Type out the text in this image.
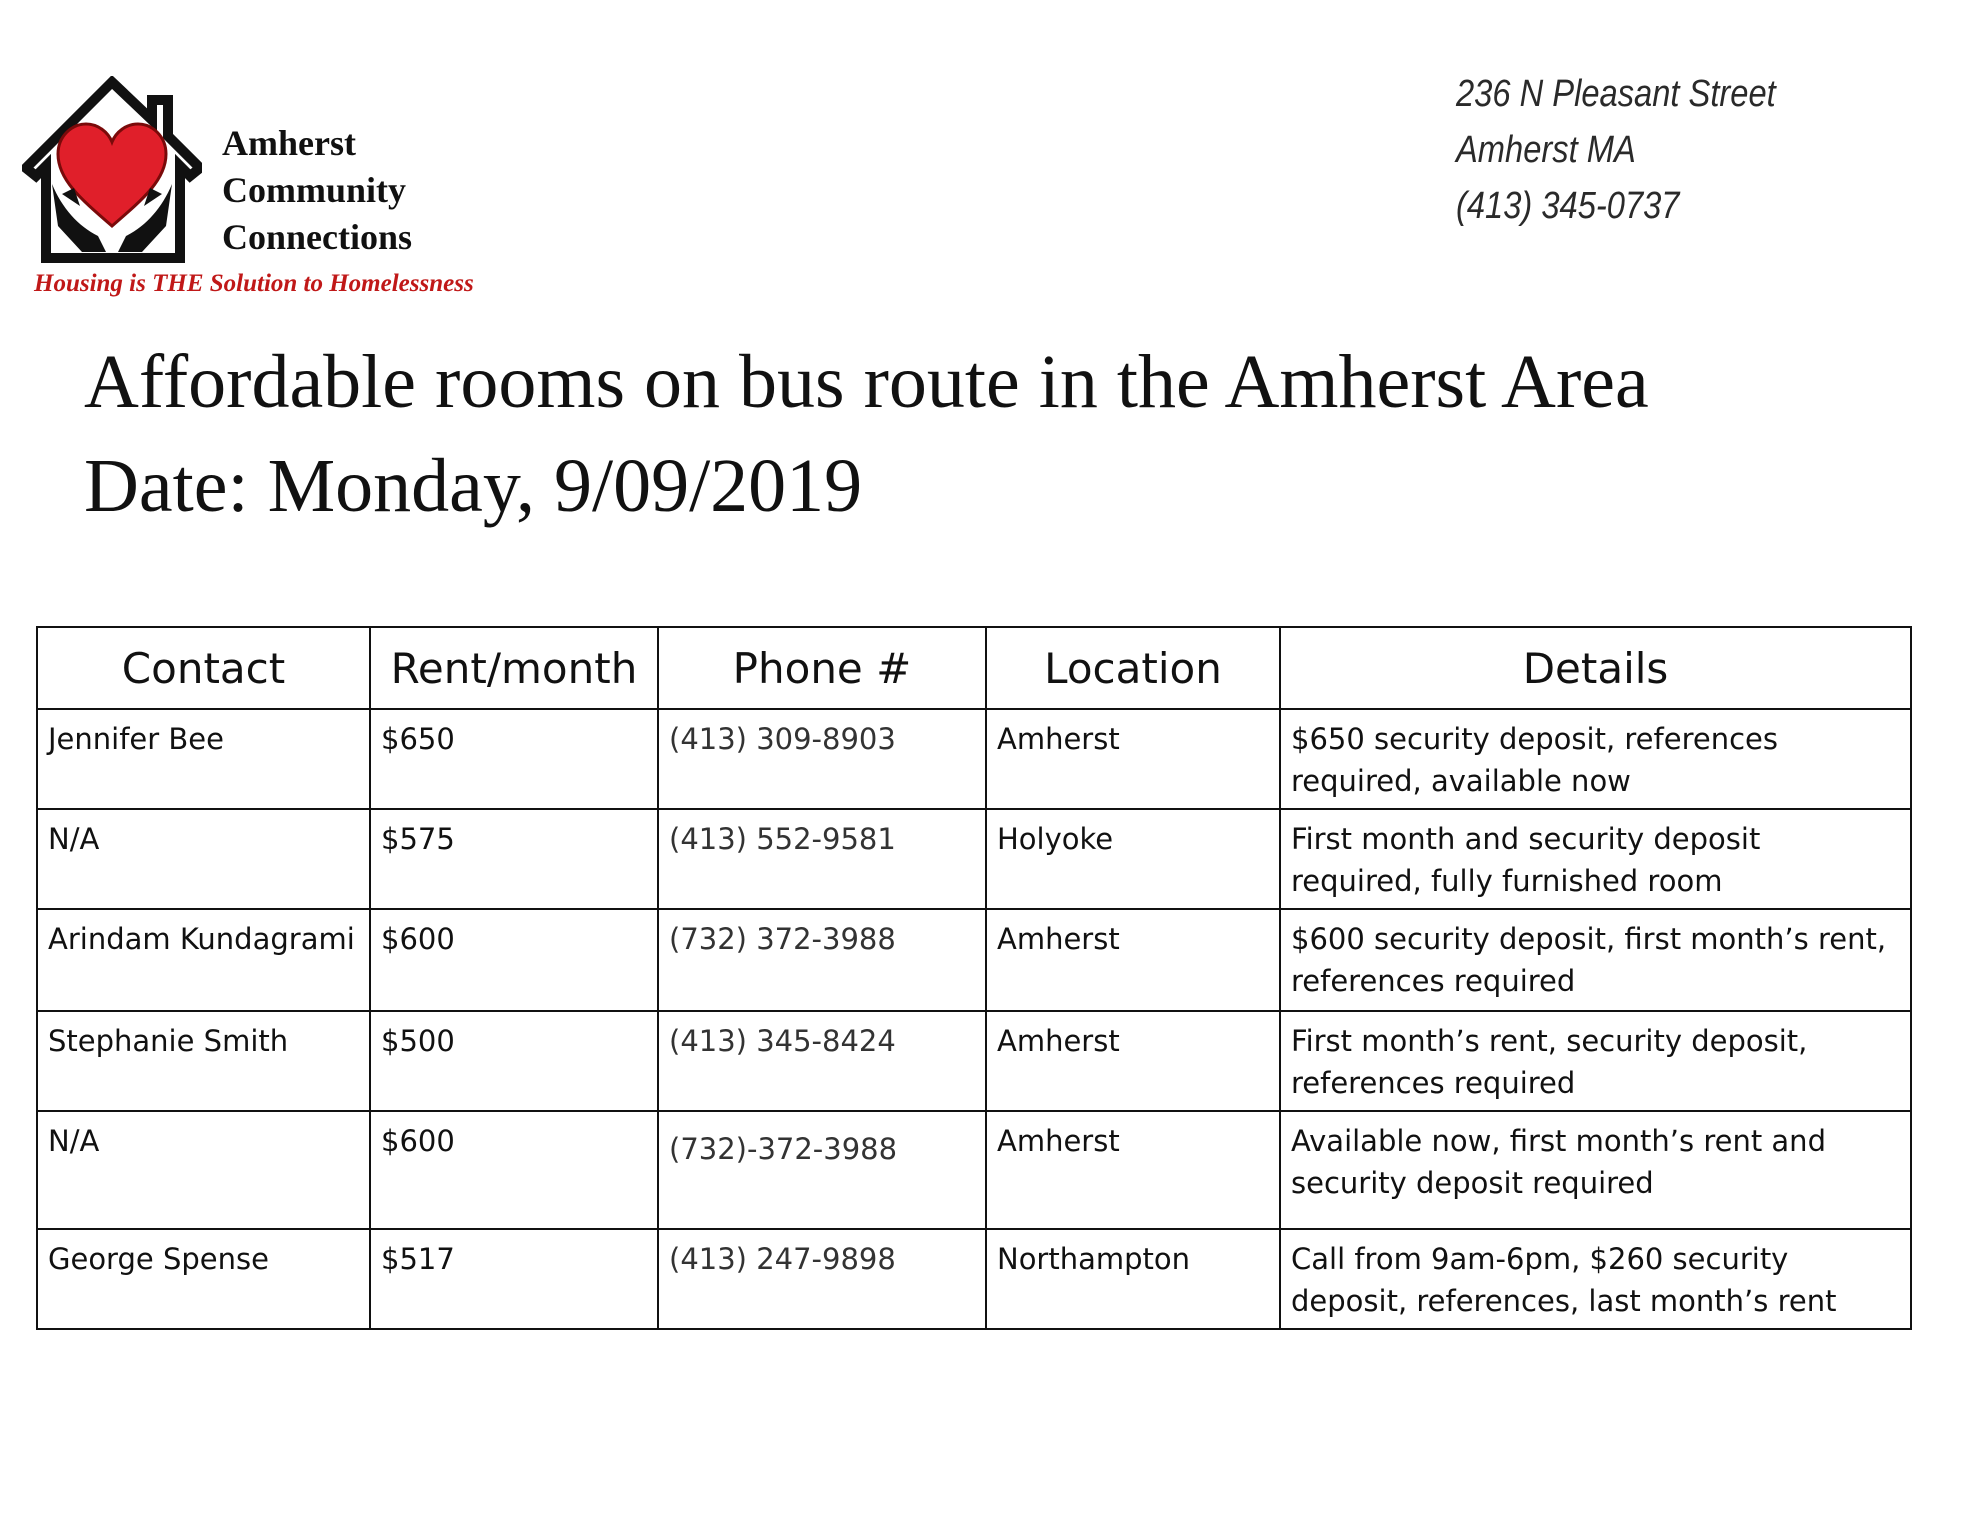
Amherst
Community
Connections
Housing is THE Solution to Homelessness
236 N Pleasant Street
Amherst MA
(413) 345-0737
Affordable rooms on bus route in the Amherst Area
Date: Monday, 9/09/2019
Contact	Rent/month	Phone #	Location	Details
Jennifer Bee	$650	(413) 309-8903	Amherst	$650 security deposit, references required, available now
N/A	$575	(413) 552-9581	Holyoke	First month and security deposit required, fully furnished room
Arindam Kundagrami	$600	(732) 372-3988	Amherst	$600 security deposit, first month’s rent, references required
Stephanie Smith	$500	(413) 345-8424	Amherst	First month’s rent, security deposit, references required
N/A	$600	(732)-372-3988	Amherst	Available now, first month’s rent and security deposit required
George Spense	$517	(413) 247-9898	Northampton	Call from 9am-6pm, $260 security deposit, references, last month’s rent
